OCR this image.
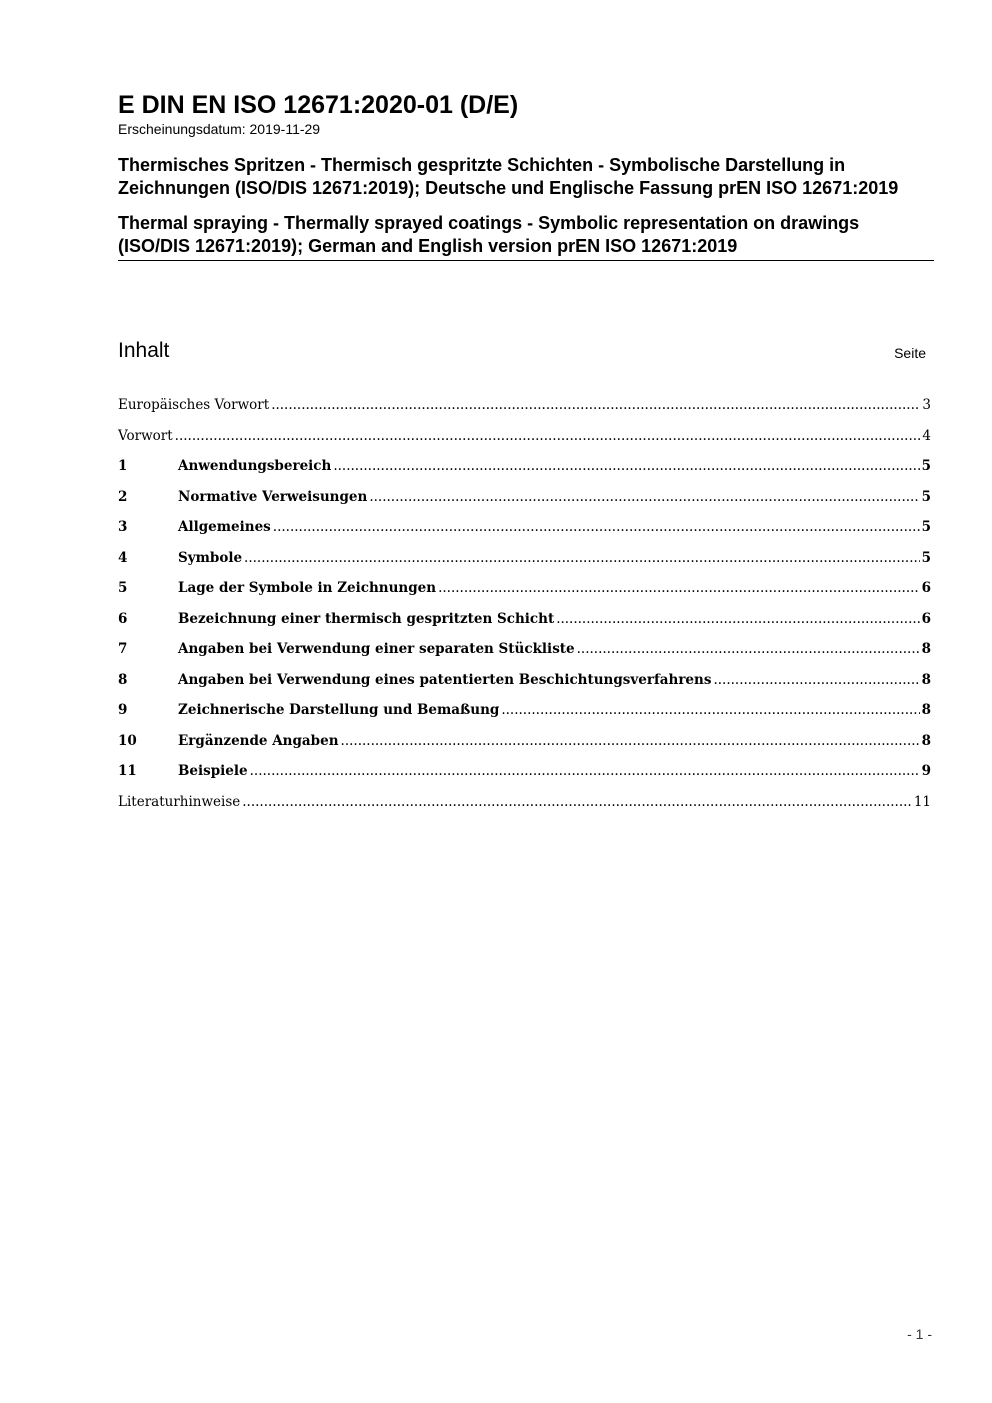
E DIN EN ISO 12671:2020-01 (D/E)

Erscheinungsdatum: 2019-11-29

Thermisches Spritzen - Thermisch gespritzte Schichten - Symbolische Darstellung in Zeichnungen (ISO/DIS 12671:2019); Deutsche und Englische Fassung prEN ISO 12671:2019

Thermal spraying - Thermally sprayed coatings - Symbolic representation on drawings (ISO/DIS 12671:2019); German and English version prEN ISO 12671:2019

Inhalt	Seite
Europäisches Vorwort .....	3
Vorwort .....	4
1	Anwendungsbereich .....	5
2	Normative Verweisungen .....	5
3	Allgemeines .....	5
4	Symbole .....	5
5	Lage der Symbole in Zeichnungen .....	6
6	Bezeichnung einer thermisch gespritzten Schicht .....	6
7	Angaben bei Verwendung einer separaten Stückliste .....	8
8	Angaben bei Verwendung eines patentierten Beschichtungsverfahrens .....	8
9	Zeichnerische Darstellung und Bemaßung .....	8
10	Ergänzende Angaben .....	8
11	Beispiele .....	9
Literaturhinweise .....	11
- 1 -
